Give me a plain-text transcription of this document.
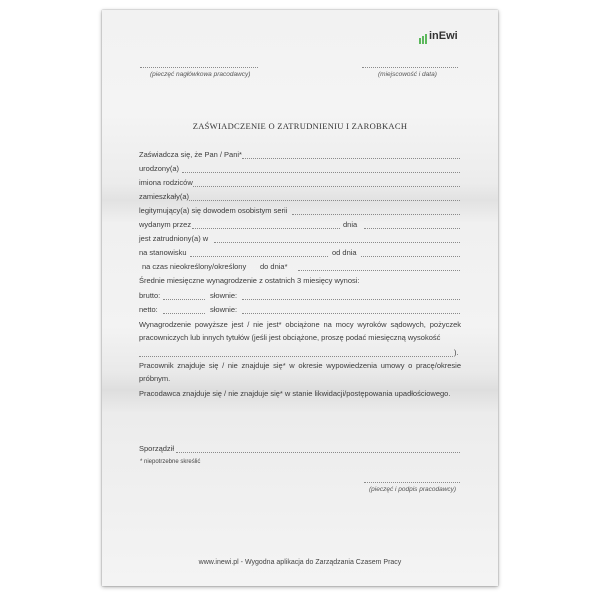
inEwi
(pieczęć nagłówkowa pracodawcy)	(miejscowość i data)
ZAŚWIADCZENIE O ZATRUDNIENIU I ZAROBKACH
Zaświadcza się, że Pan / Pani*
urodzony(a)
imiona rodziców
zamieszkały(a)
legitymujący(a) się dowodem osobistym serii
wydanym przez	dnia
jest zatrudniony(a) w
na stanowisku	od dnia
na czas nieokreślony/określony do dnia*
Średnie miesięczne wynagrodzenie z ostatnich 3 miesięcy wynosi:
brutto:	słownie:
netto:	słownie:
Wynagrodzenie powyższe jest / nie jest* obciążone na mocy wyroków sądowych, pożyczek pracowniczych lub innych tytułów (jeśli jest obciążone, proszę podać miesięczną wysokość
).
Pracownik znajduje się / nie znajduje się* w okresie wypowiedzenia umowy o pracę/okresie próbnym.
Pracodawca znajduje się / nie znajduje się* w stanie likwidacji/postępowania upadłościowego.
Sporządził
* niepotrzebne skreślić
(pieczęć i podpis pracodawcy)
www.inewi.pl - Wygodna aplikacja do Zarządzania Czasem Pracy
